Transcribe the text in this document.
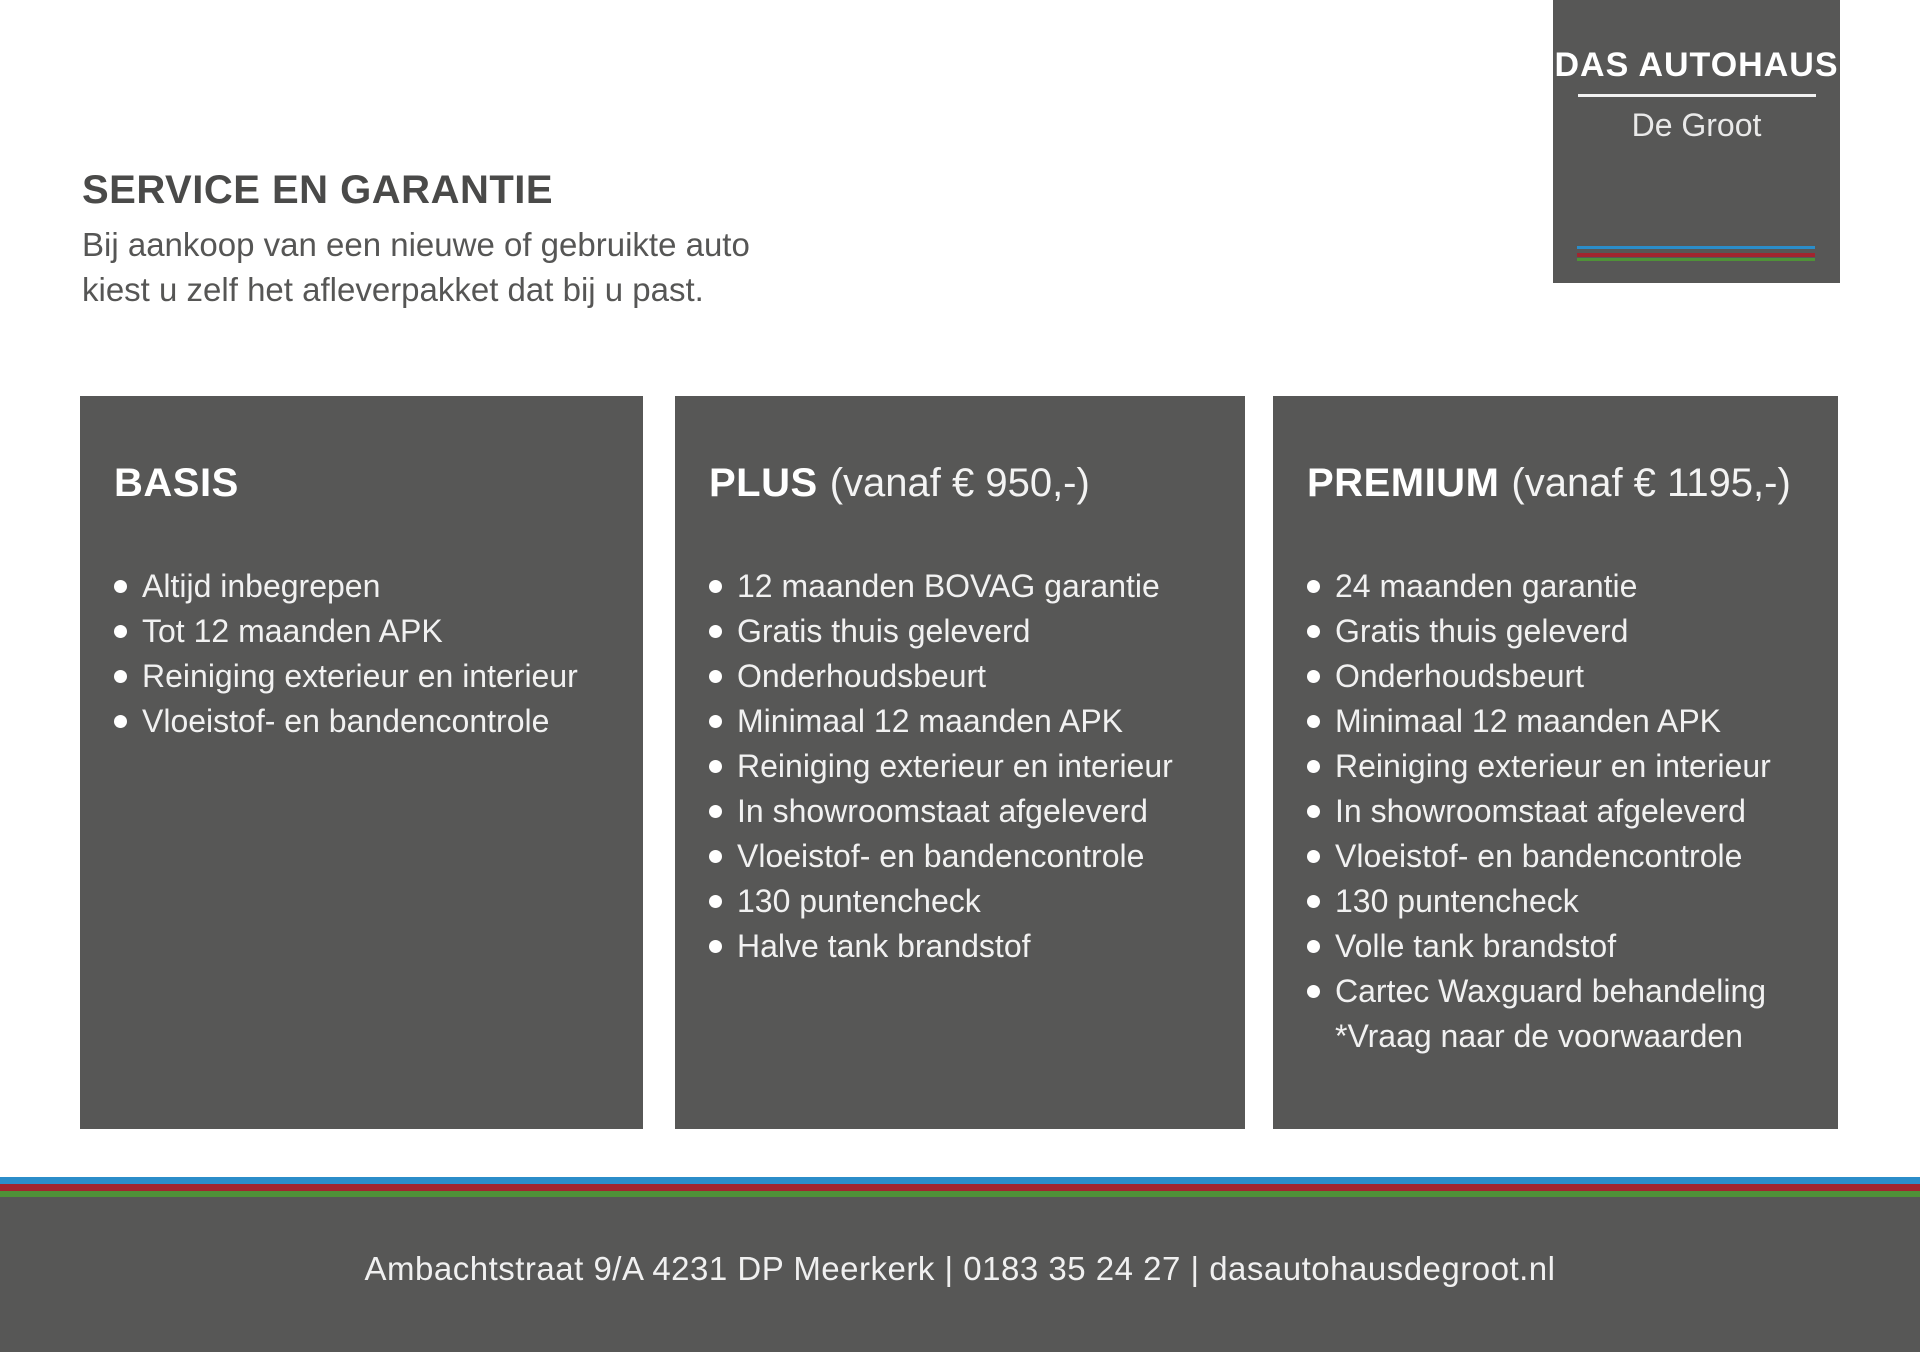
SERVICE EN GARANTIE
Bij aankoop van een nieuwe of gebruikte auto
kiest u zelf het afleverpakket dat bij u past.
DAS AUTOHAUS
De Groot
BASIS
Altijd inbegrepen
Tot 12 maanden APK
Reiniging exterieur en interieur
Vloeistof- en bandencontrole
PLUS (vanaf € 950,-)
12 maanden BOVAG garantie
Gratis thuis geleverd
Onderhoudsbeurt
Minimaal 12 maanden APK
Reiniging exterieur en interieur
In showroomstaat afgeleverd
Vloeistof- en bandencontrole
130 puntencheck
Halve tank brandstof
PREMIUM (vanaf € 1195,-)
24 maanden garantie
Gratis thuis geleverd
Onderhoudsbeurt
Minimaal 12 maanden APK
Reiniging exterieur en interieur
In showroomstaat afgeleverd
Vloeistof- en bandencontrole
130 puntencheck
Volle tank brandstof
Cartec Waxguard behandeling
*Vraag naar de voorwaarden
Ambachtstraat 9/A 4231 DP Meerkerk | 0183 35 24 27 | dasautohausdegroot.nl
